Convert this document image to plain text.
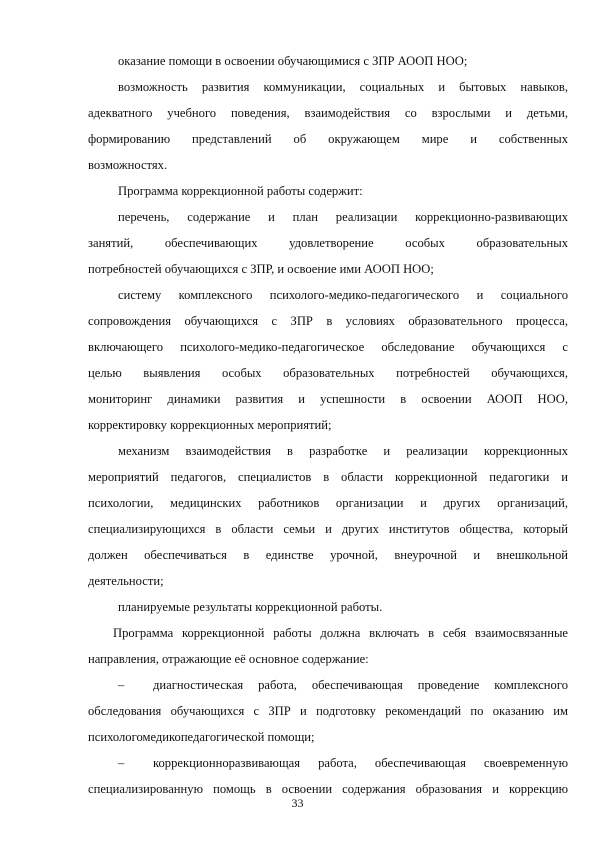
оказание помощи в освоении обучающимися с ЗПР АООП НОО;
возможность развития коммуникации, социальных и бытовых навыков,
адекватного учебного поведения, взаимодействия со взрослыми и детьми,
формированию представлений об окружающем мире и собственных
возможностях.
Программа коррекционной работы содержит:
перечень, содержание и план реализации коррекционно-развивающих
занятий, обеспечивающих удовлетворение особых образовательных
потребностей обучающихся с ЗПР, и освоение ими АООП НОО;
систему комплексного психолого-медико-педагогического и социального
сопровождения обучающихся с ЗПР в условиях образовательного процесса,
включающего психолого-медико-педагогическое обследование обучающихся с
целью выявления особых образовательных потребностей обучающихся,
мониторинг динамики развития и успешности в освоении АООП НОО,
корректировку коррекционных мероприятий;
механизм взаимодействия в разработке и реализации коррекционных
мероприятий педагогов, специалистов в области коррекционной педагогики и
психологии, медицинских работников организации и других организаций,
специализирующихся в области семьи и других институтов общества, который
должен обеспечиваться в единстве урочной, внеурочной и внешкольной
деятельности;
планируемые результаты коррекционной работы.
Программа коррекционной работы должна включать в себя взаимосвязанные
направления, отражающие её основное содержание:
– диагностическая работа, обеспечивающая проведение комплексного
обследования обучающихся с ЗПР и подготовку рекомендаций по оказанию им
психологомедикопедагогической помощи;
– коррекционноразвивающая работа, обеспечивающая своевременную
специализированную помощь в освоении содержания образования и коррекцию
33
